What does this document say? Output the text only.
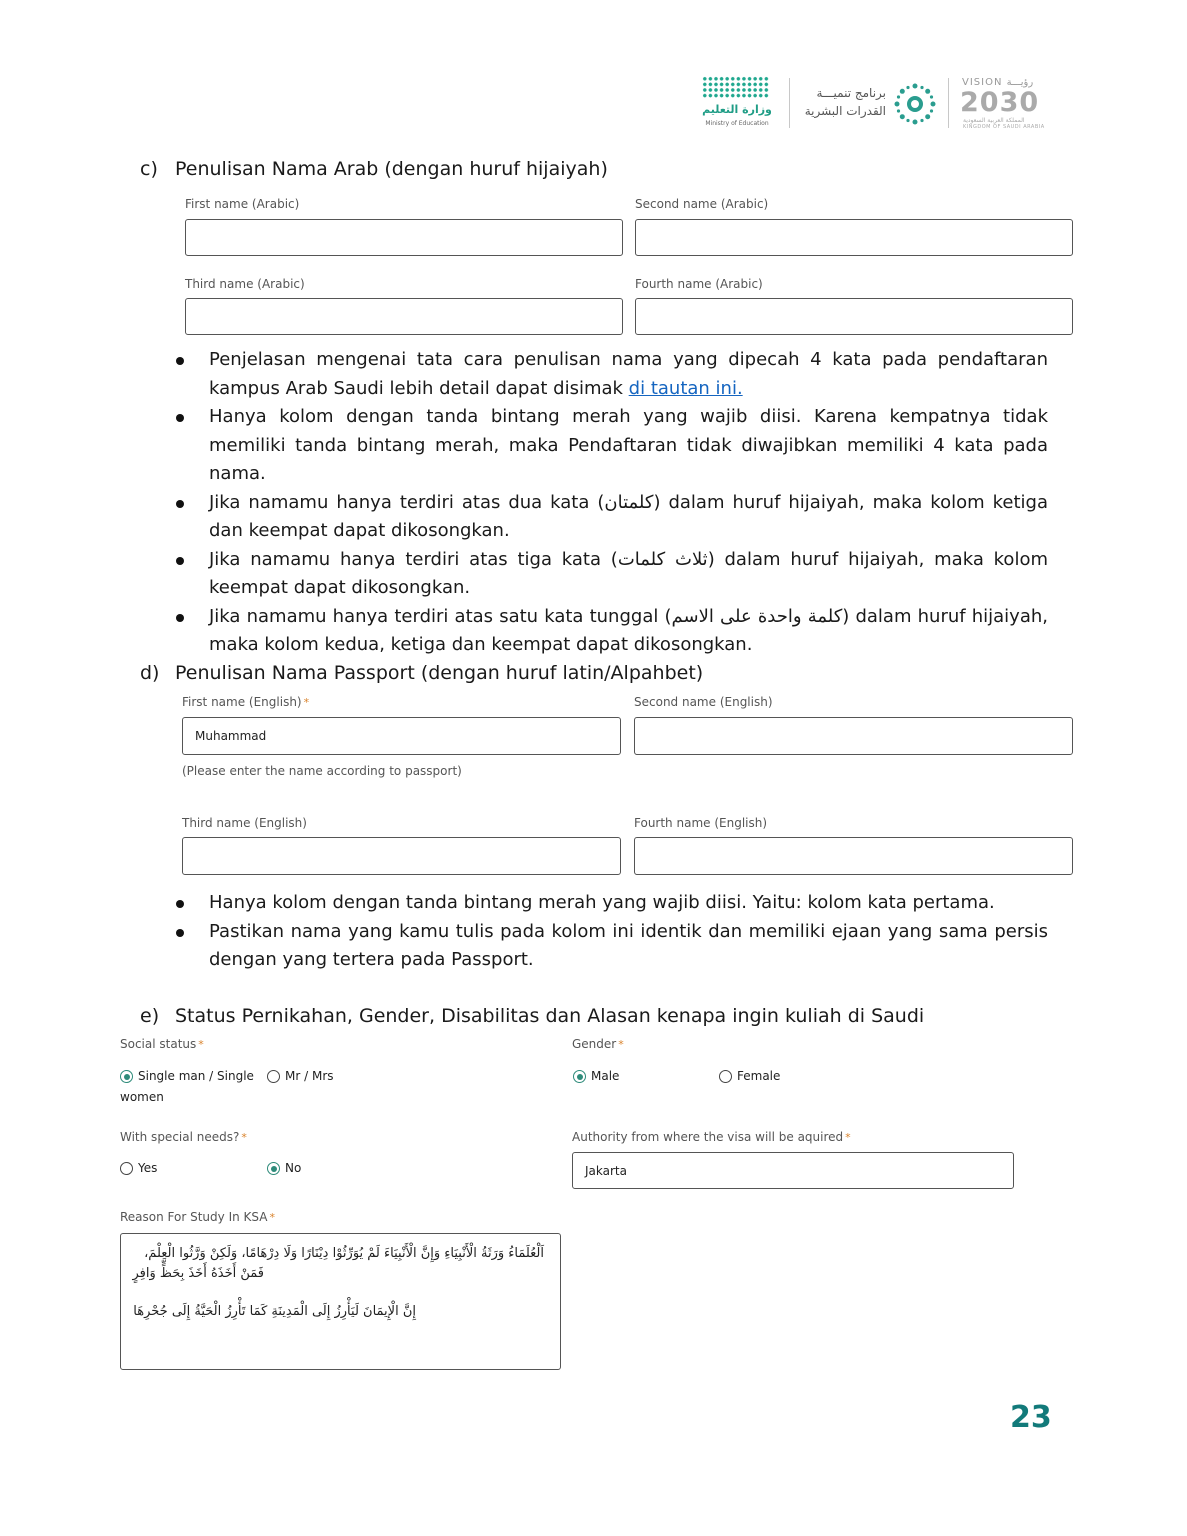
وزارة التعليم
Ministry of Education
برنامج تنميـــة
القدرات البشرية
VISION رؤيـــة
2030
المملكة العربية السعودية
KINGDOM OF SAUDI ARABIA
c) Penulisan Nama Arab (dengan huruf hijaiyah)
First name (Arabic)	Second name (Arabic)
Third name (Arabic)	Fourth name (Arabic)
Penjelasan mengenai tata cara penulisan nama yang dipecah 4 kata pada pendaftaran kampus Arab Saudi lebih detail dapat disimak di tautan ini.
Hanya kolom dengan tanda bintang merah yang wajib diisi. Karena kempatnya tidak memiliki tanda bintang merah, maka Pendaftaran tidak diwajibkan memiliki 4 kata pada nama.
Jika namamu hanya terdiri atas dua kata (كلمتان) dalam huruf hijaiyah, maka kolom ketiga dan keempat dapat dikosongkan.
Jika namamu hanya terdiri atas tiga kata (ثلاث كلمات) dalam huruf hijaiyah, maka kolom keempat dapat dikosongkan.
Jika namamu hanya terdiri atas satu kata tunggal (كلمة واحدة على الاسم) dalam huruf hijaiyah, maka kolom kedua, ketiga dan keempat dapat dikosongkan.
d) Penulisan Nama Passport (dengan huruf latin/Alpahbet)
First name (English) *
Muhammad
(Please enter the name according to passport)
Second name (English)
Third name (English)	Fourth name (English)
Hanya kolom dengan tanda bintang merah yang wajib diisi. Yaitu: kolom kata pertama.
Pastikan nama yang kamu tulis pada kolom ini identik dan memiliki ejaan yang sama persis dengan yang tertera pada Passport.
e) Status Pernikahan, Gender, Disabilitas dan Alasan kenapa ingin kuliah di Saudi
Social status *
Single man / Single
women
Mr / Mrs
Gender *
Male	Female
With special needs? *
Yes	No
Authority from where the visa will be aquired *
Jakarta
Reason For Study In KSA *
اَلْعُلَمَاءُ وَرَثَةُ الْأَنْبِيَاءِ وَإِنَّ الْأَنْبِيَاءَ لَمْ يُوَرِّثُوْا دِيْنَارًا وَلَا دِرْهَامًا، وَلَكِنْ وَرَّثُوا الْعِلْمَ،
فَمَنْ أَخَذَهُ أَخَذَ بِحَظٍّ وَافِرٍ
إِنَّ الْإِيمَانَ لَيَأْرِزُ إِلَى الْمَدِينَةِ كَمَا تَأْرِزُ الْحَيَّةُ إِلَى جُحْرِهَا
23
